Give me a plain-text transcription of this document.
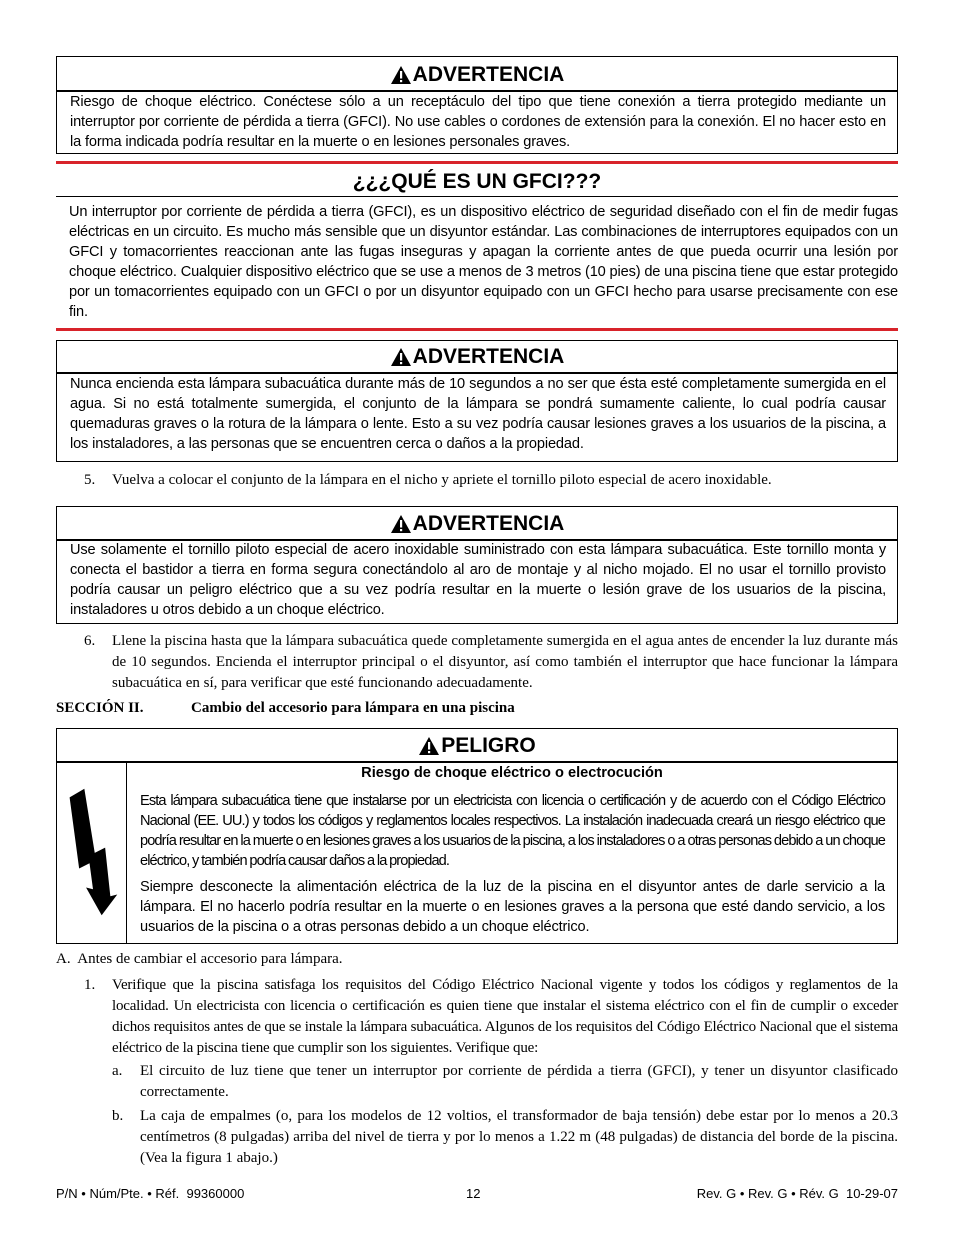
ADVERTENCIA
Riesgo de choque eléctrico. Conéctese sólo a un receptáculo del tipo que tiene conexión a tierra protegido mediante un interruptor por corriente de pérdida a tierra (GFCI). No use cables o cordones de extensión para la conexión. El no hacer esto en la forma indicada podría resultar en la muerte o en lesiones personales graves.
¿¿¿QUÉ ES UN GFCI???
Un interruptor por corriente de pérdida a tierra (GFCI), es un dispositivo eléctrico de seguridad diseñado con el fin de medir fugas eléctricas en un circuito. Es mucho más sensible que un disyuntor estándar. Las combinaciones de interruptores equipados con un GFCI y tomacorrientes reaccionan ante las fugas inseguras y apagan la corriente antes de que pueda ocurrir una lesión por choque eléctrico. Cualquier dispositivo eléctrico que se use a menos de 3 metros (10 pies) de una piscina tiene que estar protegido por un tomacorrientes equipado con un GFCI o por un disyuntor equipado con un GFCI hecho para usarse precisamente con ese fin.
ADVERTENCIA
Nunca encienda esta lámpara subacuática durante más de 10 segundos a no ser que ésta esté completamente sumergida en el agua. Si no está totalmente sumergida, el conjunto de la lámpara se pondrá sumamente caliente, lo cual podría causar quemaduras graves o la rotura de la lámpara o lente. Esto a su vez podría causar lesiones graves a los usuarios de la piscina, a los instaladores, a las personas que se encuentren cerca o daños a la propiedad.
5. Vuelva a colocar el conjunto de la lámpara en el nicho y apriete el tornillo piloto especial de acero inoxidable.
ADVERTENCIA
Use solamente el tornillo piloto especial de acero inoxidable suministrado con esta lámpara subacuática. Este tornillo monta y conecta el bastidor a tierra en forma segura conectándolo al aro de montaje y al nicho mojado. El no usar el tornillo provisto podría causar un peligro eléctrico que a su vez podría resultar en la muerte o lesión grave de los usuarios de la piscina, instaladores u otros debido a un choque eléctrico.
6. Llene la piscina hasta que la lámpara subacuática quede completamente sumergida en el agua antes de encender la luz durante más de 10 segundos. Encienda el interruptor principal o el disyuntor, así como también el interruptor que hace funcionar la lámpara subacuática en sí, para verificar que esté funcionando adecuadamente.
SECCIÓN II.	Cambio del accesorio para lámpara en una piscina
PELIGRO
Riesgo de choque eléctrico o electrocución
Esta lámpara subacuática tiene que instalarse por un electricista con licencia o certificación y de acuerdo con el Código Eléctrico Nacional (EE. UU.) y todos los códigos y reglamentos locales respectivos. La instalación inadecuada creará un riesgo eléctrico que podría resultar en la muerte o en lesiones graves a los usuarios de la piscina, a los instaladores o a otras personas debido a un choque eléctrico, y también podría causar daños a la propiedad.
Siempre desconecte la alimentación eléctrica de la luz de la piscina en el disyuntor antes de darle servicio a la lámpara. El no hacerlo podría resultar en la muerte o en lesiones graves a la persona que esté dando servicio, a los usuarios de la piscina o a otras personas debido a un choque eléctrico.
A.  Antes de cambiar el accesorio para lámpara.
1. Verifique que la piscina satisfaga los requisitos del Código Eléctrico Nacional vigente y todos los códigos y reglamentos de la localidad. Un electricista con licencia o certificación es quien tiene que instalar el sistema eléctrico con el fin de cumplir o exceder dichos requisitos antes de que se instale la lámpara subacuática. Algunos de los requisitos del Código Eléctrico Nacional que el sistema eléctrico de la piscina tiene que cumplir son los siguientes. Verifique que:
a. El circuito de luz tiene que tener un interruptor por corriente de pérdida a tierra (GFCI), y tener un disyuntor clasificado correctamente.
b. La caja de empalmes (o, para los modelos de 12 voltios, el transformador de baja tensión) debe estar por lo menos a 20.3 centímetros (8 pulgadas) arriba del nivel de tierra y por lo menos a 1.22 m (48 pulgadas) de distancia del borde de la piscina. (Vea la figura 1 abajo.)
P/N • Núm/Pte. • Réf.  99360000	12	Rev. G • Rev. G • Rév. G  10-29-07
